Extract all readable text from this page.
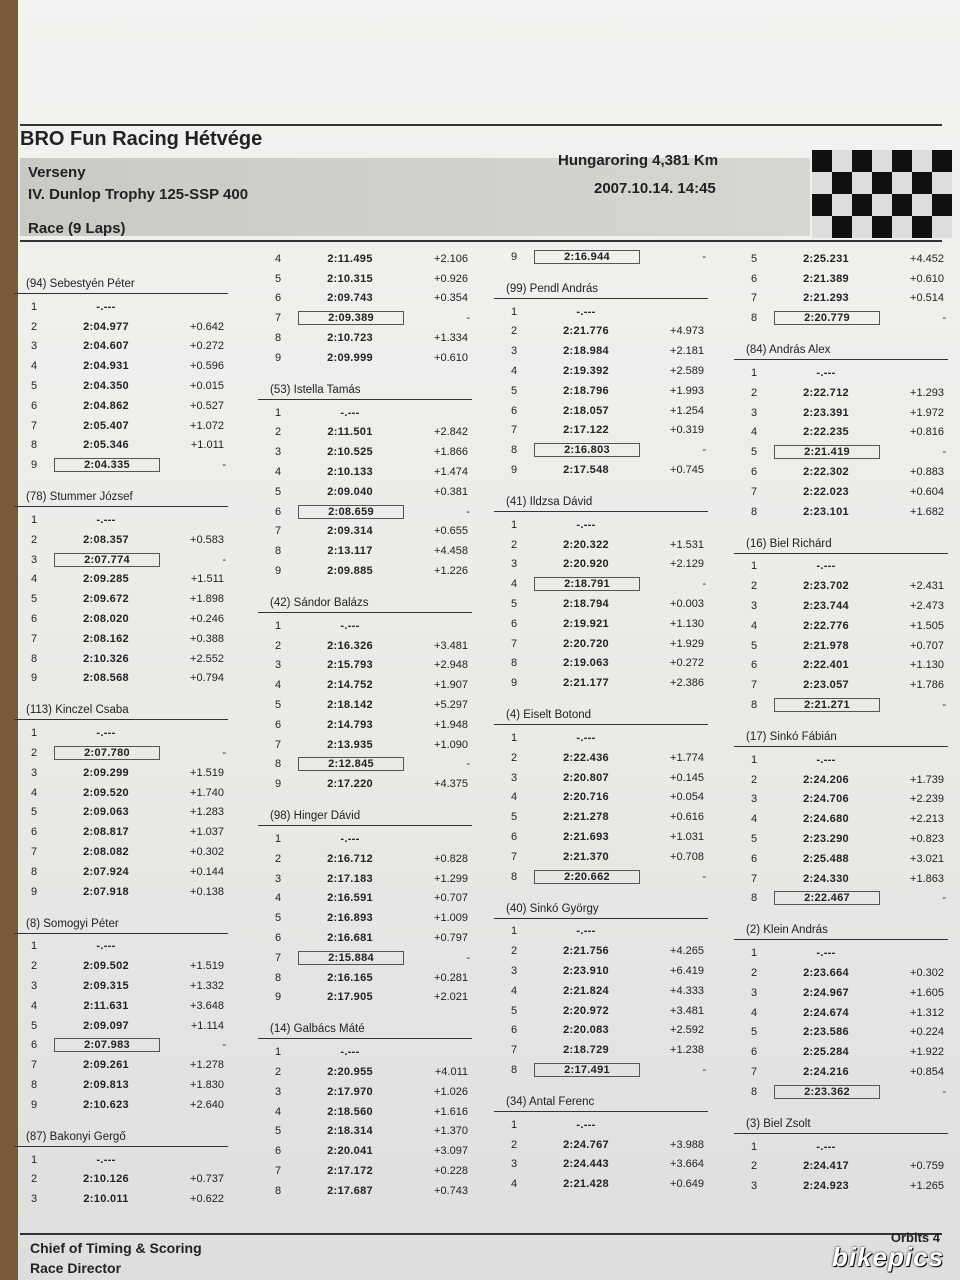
BRO Fun Racing Hétvége
Verseny
Hungaroring 4,381 Km
IV. Dunlop Trophy 125-SSP 400	2007.10.14. 14:45
Race (9 Laps)
(94) Sebestyén Péter
1	-.---
2	2:04.977	+0.642
3	2:04.607	+0.272
4	2:04.931	+0.596
5	2:04.350	+0.015
6	2:04.862	+0.527
7	2:05.407	+1.072
8	2:05.346	+1.011
9	2:04.335	-
(78) Stummer József
1	-.---
2	2:08.357	+0.583
3	2:07.774	-
4	2:09.285	+1.511
5	2:09.672	+1.898
6	2:08.020	+0.246
7	2:08.162	+0.388
8	2:10.326	+2.552
9	2:08.568	+0.794
(113) Kinczel Csaba
1	-.---
2	2:07.780	-
3	2:09.299	+1.519
4	2:09.520	+1.740
5	2:09.063	+1.283
6	2:08.817	+1.037
7	2:08.082	+0.302
8	2:07.924	+0.144
9	2:07.918	+0.138
(8) Somogyi Péter
1	-.---
2	2:09.502	+1.519
3	2:09.315	+1.332
4	2:11.631	+3.648
5	2:09.097	+1.114
6	2:07.983	-
7	2:09.261	+1.278
8	2:09.813	+1.830
9	2:10.623	+2.640
(87) Bakonyi Gergő
1	-.---
2	2:10.126	+0.737
3	2:10.011	+0.622
4	2:11.495	+2.106
5	2:10.315	+0.926
6	2:09.743	+0.354
7	2:09.389	-
8	2:10.723	+1.334
9	2:09.999	+0.610
(53) Istella Tamás
1	-.---
2	2:11.501	+2.842
3	2:10.525	+1.866
4	2:10.133	+1.474
5	2:09.040	+0.381
6	2:08.659	-
7	2:09.314	+0.655
8	2:13.117	+4.458
9	2:09.885	+1.226
(42) Sándor Balázs
1	-.---
2	2:16.326	+3.481
3	2:15.793	+2.948
4	2:14.752	+1.907
5	2:18.142	+5.297
6	2:14.793	+1.948
7	2:13.935	+1.090
8	2:12.845	-
9	2:17.220	+4.375
(98) Hinger Dávid
1	-.---
2	2:16.712	+0.828
3	2:17.183	+1.299
4	2:16.591	+0.707
5	2:16.893	+1.009
6	2:16.681	+0.797
7	2:15.884	-
8	2:16.165	+0.281
9	2:17.905	+2.021
(14) Galbács Máté
1	-.---
2	2:20.955	+4.011
3	2:17.970	+1.026
4	2:18.560	+1.616
5	2:18.314	+1.370
6	2:20.041	+3.097
7	2:17.172	+0.228
8	2:17.687	+0.743
9	2:16.944	-
(99) Pendl András
1	-.---
2	2:21.776	+4.973
3	2:18.984	+2.181
4	2:19.392	+2.589
5	2:18.796	+1.993
6	2:18.057	+1.254
7	2:17.122	+0.319
8	2:16.803	-
9	2:17.548	+0.745
(41) Ildzsa Dávid
1	-.---
2	2:20.322	+1.531
3	2:20.920	+2.129
4	2:18.791	-
5	2:18.794	+0.003
6	2:19.921	+1.130
7	2:20.720	+1.929
8	2:19.063	+0.272
9	2:21.177	+2.386
(4) Eiselt Botond
1	-.---
2	2:22.436	+1.774
3	2:20.807	+0.145
4	2:20.716	+0.054
5	2:21.278	+0.616
6	2:21.693	+1.031
7	2:21.370	+0.708
8	2:20.662	-
(40) Sinkó György
1	-.---
2	2:21.756	+4.265
3	2:23.910	+6.419
4	2:21.824	+4.333
5	2:20.972	+3.481
6	2:20.083	+2.592
7	2:18.729	+1.238
8	2:17.491	-
(34) Antal Ferenc
1	-.---
2	2:24.767	+3.988
3	2:24.443	+3.664
4	2:21.428	+0.649
5	2:25.231	+4.452
6	2:21.389	+0.610
7	2:21.293	+0.514
8	2:20.779	-
(84) András Alex
1	-.---
2	2:22.712	+1.293
3	2:23.391	+1.972
4	2:22.235	+0.816
5	2:21.419	-
6	2:22.302	+0.883
7	2:22.023	+0.604
8	2:23.101	+1.682
(16) Biel Richárd
1	-.---
2	2:23.702	+2.431
3	2:23.744	+2.473
4	2:22.776	+1.505
5	2:21.978	+0.707
6	2:22.401	+1.130
7	2:23.057	+1.786
8	2:21.271	-
(17) Sinkó Fábián
1	-.---
2	2:24.206	+1.739
3	2:24.706	+2.239
4	2:24.680	+2.213
5	2:23.290	+0.823
6	2:25.488	+3.021
7	2:24.330	+1.863
8	2:22.467	-
(2) Klein András
1	-.---
2	2:23.664	+0.302
3	2:24.967	+1.605
4	2:24.674	+1.312
5	2:23.586	+0.224
6	2:25.284	+1.922
7	2:24.216	+0.854
8	2:23.362	-
(3) Biel Zsolt
1	-.---
2	2:24.417	+0.759
3	2:24.923	+1.265
Chief of Timing & Scoring
Race Director
Orbits 4
bikepics
